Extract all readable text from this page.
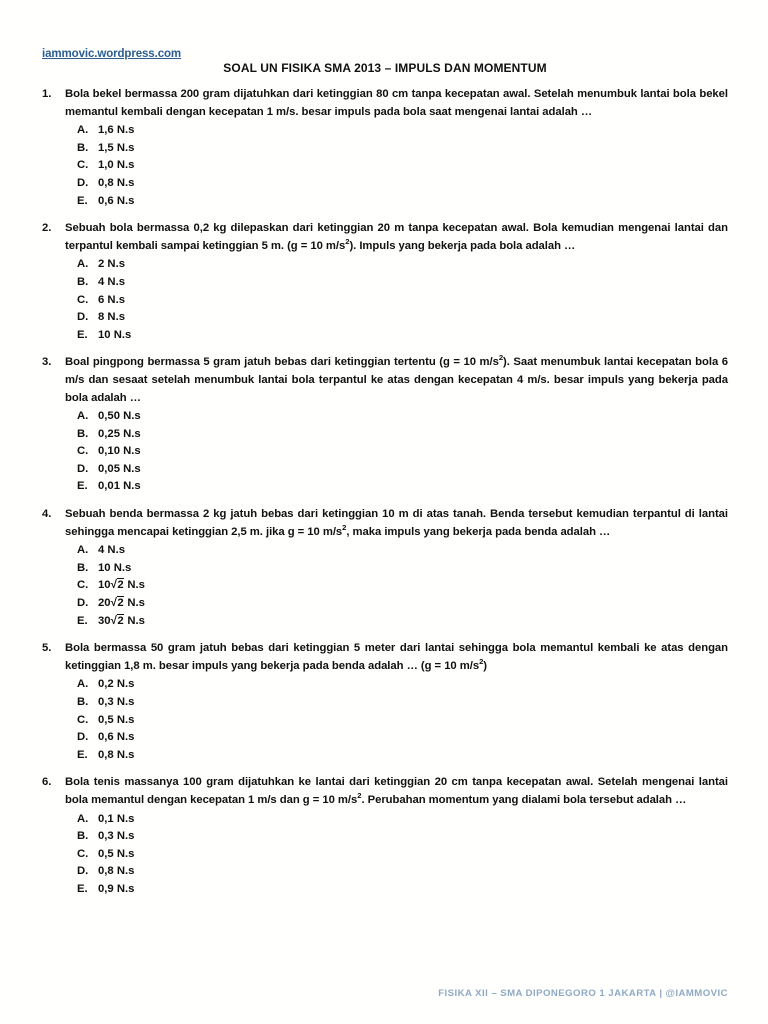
iammovic.wordpress.com
SOAL UN FISIKA SMA 2013 – IMPULS DAN MOMENTUM
1.	Bola bekel bermassa 200 gram dijatuhkan dari ketinggian 80 cm tanpa kecepatan awal. Setelah menumbuk lantai bola bekel memantul kembali dengan kecepatan 1 m/s. besar impuls pada bola saat mengenai lantai adalah …
A. 1,6 N.s
B. 1,5 N.s
C. 1,0 N.s
D. 0,8 N.s
E. 0,6 N.s
2.	Sebuah bola bermassa 0,2 kg dilepaskan dari ketinggian 20 m tanpa kecepatan awal. Bola kemudian mengenai lantai dan terpantul kembali sampai ketinggian 5 m. (g = 10 $m/s^2$). Impuls yang bekerja pada bola adalah …
A. 2 N.s
B. 4 N.s
C. 6 N.s
D. 8 N.s
E. 10 N.s
3.	Boal pingpong bermassa 5 gram jatuh bebas dari ketinggian tertentu (g = 10 $m/s^2$). Saat menumbuk lantai kecepatan bola 6 m/s dan sesaat setelah menumbuk lantai bola terpantul ke atas dengan kecepatan 4 m/s. besar impuls yang bekerja pada bola adalah …
A. 0,50 N.s
B. 0,25 N.s
C. 0,10 N.s
D. 0,05 N.s
E. 0,01 N.s
4.	Sebuah benda bermassa 2 kg jatuh bebas dari ketinggian 10 m di atas tanah. Benda tersebut kemudian terpantul di lantai sehingga mencapai ketinggian 2,5 m. jika g = 10 $m/s^2$, maka impuls yang bekerja pada benda adalah …
A. 4 N.s
B. 10 N.s
C. 10√2 N.s
D. 20√2 N.s
E. 30√2 N.s
5.	Bola bermassa 50 gram jatuh bebas dari ketinggian 5 meter dari lantai sehingga bola memantul kembali ke atas dengan ketinggian 1,8 m. besar impuls yang bekerja pada benda adalah … (g = 10 $m/s^2$)
A. 0,2 N.s
B. 0,3 N.s
C. 0,5 N.s
D. 0,6 N.s
E. 0,8 N.s
6.	Bola tenis massanya 100 gram dijatuhkan ke lantai dari ketinggian 20 cm tanpa kecepatan awal. Setelah mengenai lantai bola memantul dengan kecepatan 1 m/s dan g = 10 $m/s^2$. Perubahan momentum yang dialami bola tersebut adalah …
A. 0,1 N.s
B. 0,3 N.s
C. 0,5 N.s
D. 0,8 N.s
E. 0,9 N.s
FISIKA XII – SMA DIPONEGORO 1 JAKARTA | @IAMMOVIC
